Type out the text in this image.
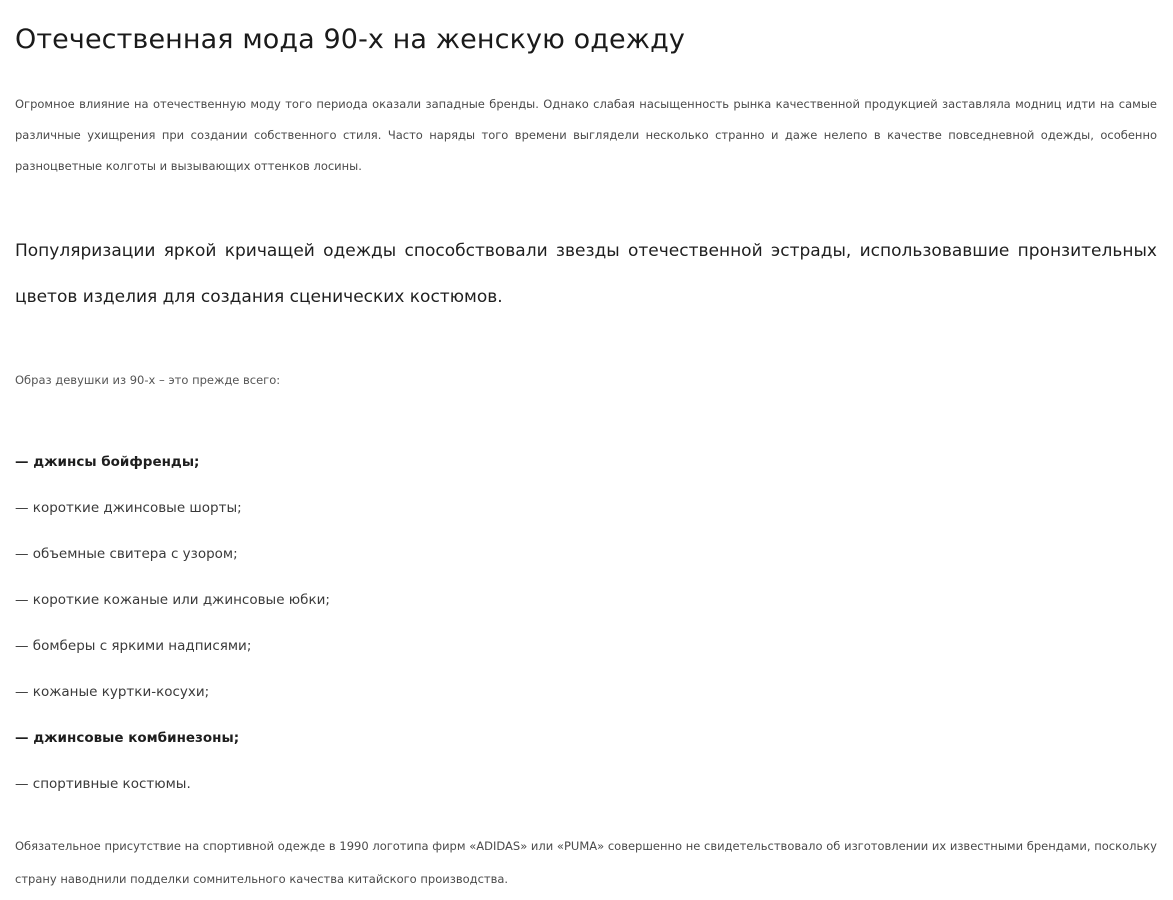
Отечественная мода 90-х на женскую одежду

Огромное влияние на отечественную моду того периода оказали западные бренды. Однако слабая насыщенность рынка качественной продукцией заставляла модниц идти на самые различные ухищрения при создании собственного стиля. Часто наряды того времени выглядели несколько странно и даже нелепо в качестве повседневной одежды, особенно разноцветные колготы и вызывающих оттенков лосины.

Популяризации яркой кричащей одежды способствовали звезды отечественной эстрады, использовавшие пронзительных цветов изделия для создания сценических костюмов.

Образ девушки из 90-х – это прежде всего:

— джинсы бойфренды;
— короткие джинсовые шорты;
— объемные свитера с узором;
— короткие кожаные или джинсовые юбки;
— бомберы с яркими надписями;
— кожаные куртки-косухи;
— джинсовые комбинезоны;
— спортивные костюмы.

Обязательное присутствие на спортивной одежде в 1990 логотипа фирм «ADIDAS» или «PUMA» совершенно не свидетельствовало об изготовлении их известными брендами, поскольку страну наводнили подделки сомнительного качества китайского производства.
